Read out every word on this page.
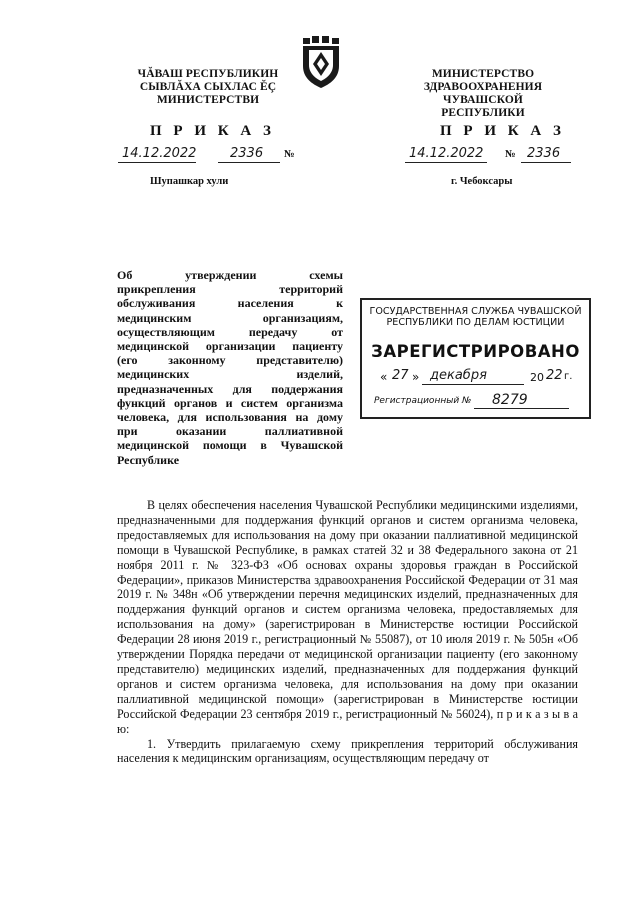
ЧĂВАШ РЕСПУБЛИКИН
СЫВЛĂХА СЫХЛАС ĔÇ
МИНИСТЕРСТВИ
МИНИСТЕРСТВО
ЗДРАВООХРАНЕНИЯ
ЧУВАШСКОЙ РЕСПУБЛИКИ
П Р И К А З	П Р И К А З
14.12.2022	2336 №	14.12.2022 № 2336
Шупашкар хули	г. Чебоксары
Об утверждении схемы
прикрепления территорий
обслуживания населения к
медицинским организациям,
осуществляющим передачу от
медицинской организации пациенту
(его законному представителю)
медицинских изделий,
предназначенных для поддержания
функций органов и систем организма
человека, для использования на дому
при оказании паллиативной
медицинской помощи в Чувашской
Республике
ГОСУДАРСТВЕННАЯ СЛУЖБА ЧУВАШСКОЙ
РЕСПУБЛИКИ ПО ДЕЛАМ ЮСТИЦИИ
ЗАРЕГИСТРИРОВАНО
« 27 » декабря	20 22 г.
Регистрационный № 8279

В целях обеспечения населения Чувашской Республики медицинскими изделиями, предназначенными для поддержания функций органов и систем организма человека, предоставляемых для использования на дому при оказании паллиативной медицинской помощи в Чувашской Республике, в рамках статей 32 и 38 Федерального закона от 21 ноября 2011 г. № 323-ФЗ «Об основах охраны здоровья граждан в Российской Федерации», приказов Министерства здравоохранения Российской Федерации от 31 мая 2019 г. № 348н «Об утверждении перечня медицинских изделий, предназначенных для поддержания функций органов и систем организма человека, предоставляемых для использования на дому» (зарегистрирован в Министерстве юстиции Российской Федерации 28 июня 2019 г., регистрационный № 55087), от 10 июля 2019 г. № 505н «Об утверждении Порядка передачи от медицинской организации пациенту (его законному представителю) медицинских изделий, предназначенных для поддержания функций органов и систем организма человека, для использования на дому при оказании паллиативной медицинской помощи» (зарегистрирован в Министерстве юстиции Российской Федерации 23 сентября 2019 г., регистрационный № 56024), п р и к а з ы в а ю:

1. Утвердить прилагаемую схему прикрепления территорий обслуживания населения к медицинским организациям, осуществляющим передачу от
